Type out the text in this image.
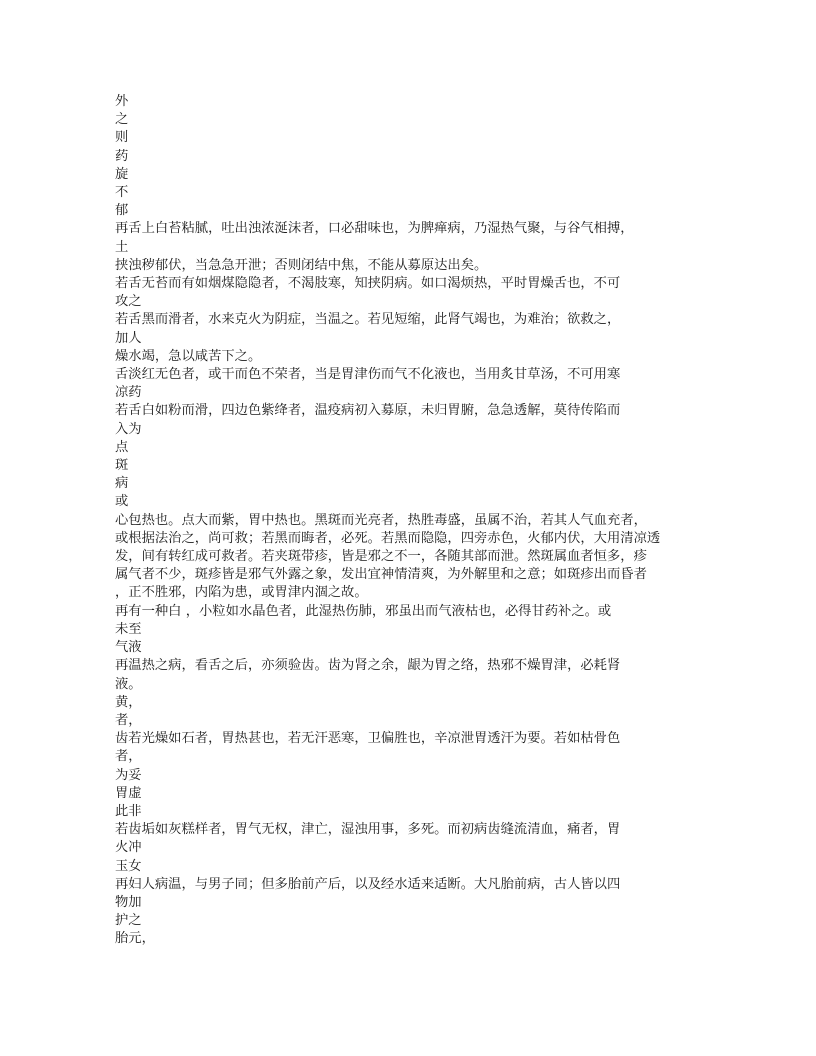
外
之
则
药
旋
不
郁
再舌上白苔粘腻，吐出浊浓涎沫者，口必甜味也，为脾瘅病，乃湿热气聚，与谷气相搏，
土
挟浊秽郁伏，当急急开泄；否则闭结中焦，不能从募原达出矣。
若舌无苔而有如烟煤隐隐者，不渴肢寒，知挟阴病。如口渴烦热，平时胃燥舌也，不可
攻之
若舌黑而滑者，水来克火为阴症，当温之。若见短缩，此肾气竭也，为难治；欲救之，
加人
燥水竭，急以咸苦下之。
舌淡红无色者，或干而色不荣者，当是胃津伤而气不化液也，当用炙甘草汤，不可用寒
凉药
若舌白如粉而滑，四边色紫绛者，温疫病初入募原，未归胃腑，急急透解，莫待传陷而
入为
点
斑
病
或
心包热也。点大而紫，胃中热也。黑斑而光亮者，热胜毒盛，虽属不治，若其人气血充者，
或根据法治之，尚可救；若黑而晦者，必死。若黑而隐隐，四旁赤色，火郁内伏，大用清凉透
发，间有转红成可救者。若夹斑带疹，皆是邪之不一，各随其部而泄。然斑属血者恒多，疹
属气者不少，斑疹皆是邪气外露之象，发出宜神情清爽，为外解里和之意；如斑疹出而昏者
，正不胜邪，内陷为患，或胃津内涸之故。
再有一种白 ，小粒如水晶色者，此湿热伤肺，邪虽出而气液枯也，必得甘药补之。或
未至
气液
再温热之病，看舌之后，亦须验齿。齿为肾之余，龈为胃之络，热邪不燥胃津，必耗肾
液。
黄，
者，
齿若光燥如石者，胃热甚也，若无汗恶寒，卫偏胜也，辛凉泄胃透汗为要。若如枯骨色
者，
为妥
胃虚
此非
若齿垢如灰糕样者，胃气无权，津亡，湿浊用事，多死。而初病齿缝流清血，痛者，胃
火冲
玉女
再妇人病温，与男子同；但多胎前产后，以及经水适来适断。大凡胎前病，古人皆以四
物加
护之
胎元，
